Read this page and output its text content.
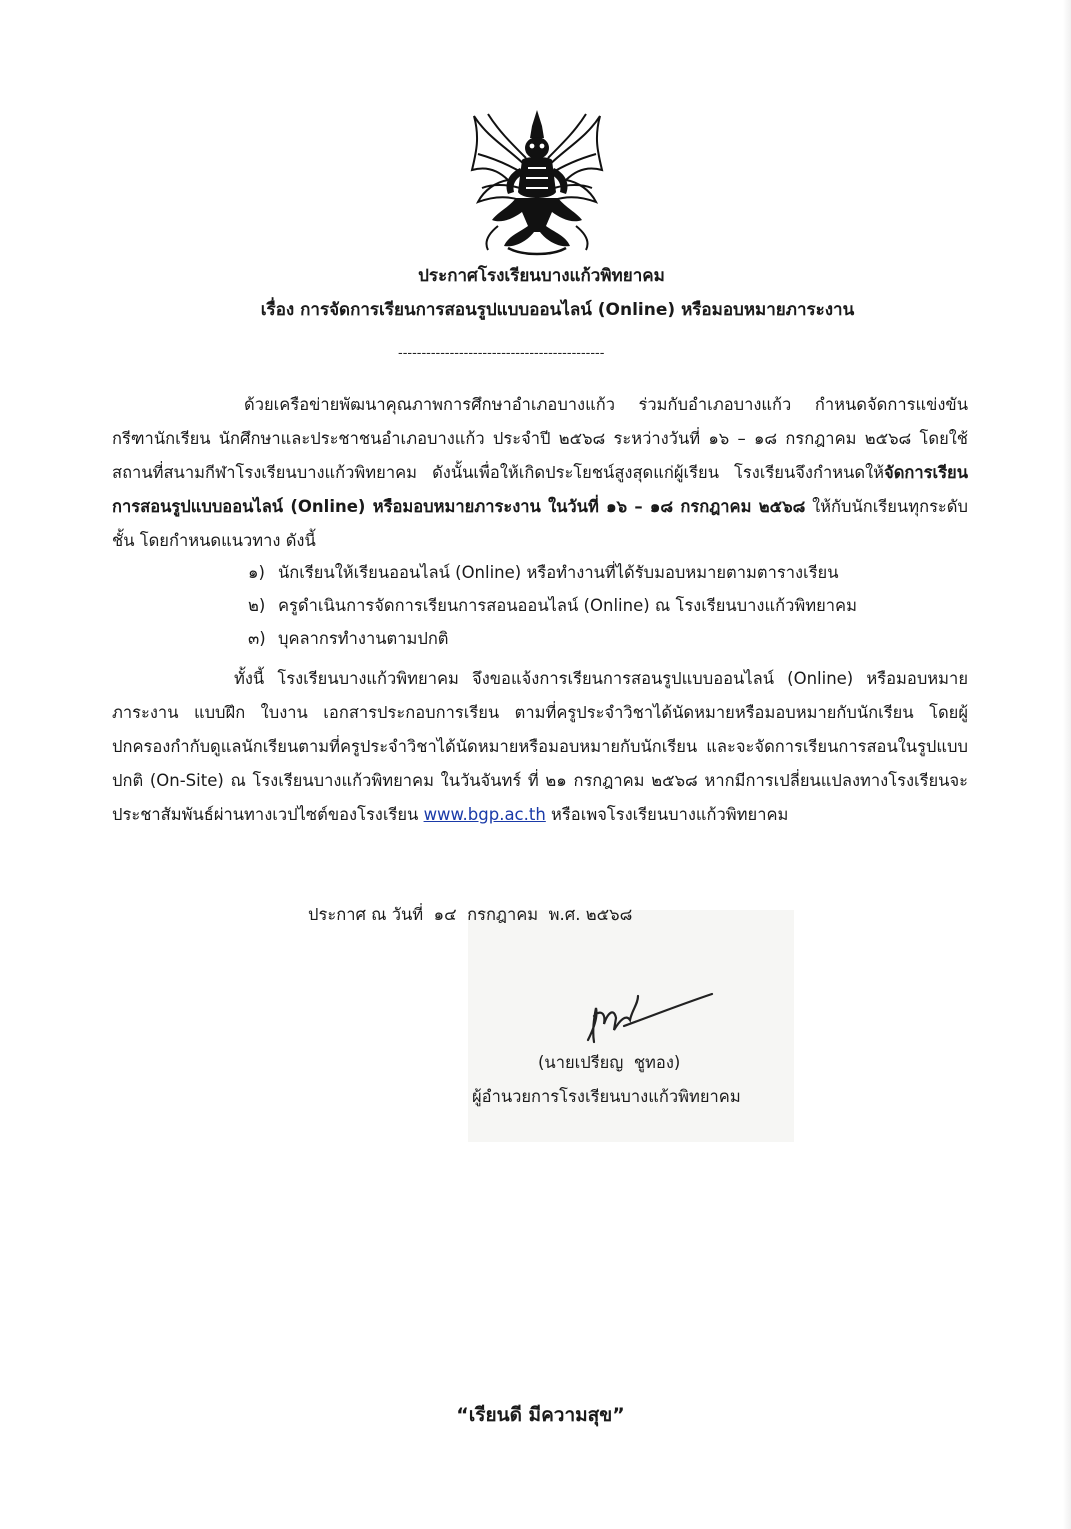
ประกาศโรงเรียนบางแก้วพิทยาคม
เรื่อง การจัดการเรียนการสอนรูปแบบออนไลน์ (Online) หรือมอบหมายภาระงาน
--------------------------------------------
ด้วยเครือข่ายพัฒนาคุณภาพการศึกษาอำเภอบางแก้ว ร่วมกับอำเภอบางแก้ว กำหนดจัดการแข่งขันกรีฑานักเรียน นักศึกษาและประชาชนอำเภอบางแก้ว ประจำปี ๒๕๖๘ ระหว่างวันที่ ๑๖ – ๑๘ กรกฎาคม ๒๕๖๘ โดยใช้สถานที่สนามกีฬาโรงเรียนบางแก้วพิทยาคม ดังนั้นเพื่อให้เกิดประโยชน์สูงสุดแก่ผู้เรียน โรงเรียนจึงกำหนดให้จัดการเรียนการสอนรูปแบบออนไลน์ (Online) หรือมอบหมายภาระงาน ในวันที่ ๑๖ – ๑๘ กรกฎาคม ๒๕๖๘ ให้กับนักเรียนทุกระดับชั้น โดยกำหนดแนวทาง ดังนี้
๑) นักเรียนให้เรียนออนไลน์ (Online) หรือทำงานที่ได้รับมอบหมายตามตารางเรียน
๒) ครูดำเนินการจัดการเรียนการสอนออนไลน์ (Online) ณ โรงเรียนบางแก้วพิทยาคม
๓) บุคลากรทำงานตามปกติ
ทั้งนี้ โรงเรียนบางแก้วพิทยาคม จึงขอแจ้งการเรียนการสอนรูปแบบออนไลน์ (Online) หรือมอบหมายภาระงาน แบบฝึก ใบงาน เอกสารประกอบการเรียน ตามที่ครูประจำวิชาได้นัดหมายหรือมอบหมายกับนักเรียน โดยผู้ปกครองกำกับดูแลนักเรียนตามที่ครูประจำวิชาได้นัดหมายหรือมอบหมายกับนักเรียน และจะจัดการเรียนการสอนในรูปแบบปกติ (On-Site) ณ โรงเรียนบางแก้วพิทยาคม ในวันจันทร์ ที่ ๒๑ กรกฎาคม ๒๕๖๘ หากมีการเปลี่ยนแปลงทางโรงเรียนจะประชาสัมพันธ์ผ่านทางเวปไซต์ของโรงเรียน www.bgp.ac.th หรือเพจโรงเรียนบางแก้วพิทยาคม
ประกาศ ณ วันที่  ๑๔  กรกฎาคม  พ.ศ. ๒๕๖๘
(นายเปรียญ  ชูทอง)
ผู้อำนวยการโรงเรียนบางแก้วพิทยาคม
“เรียนดี มีความสุข”
